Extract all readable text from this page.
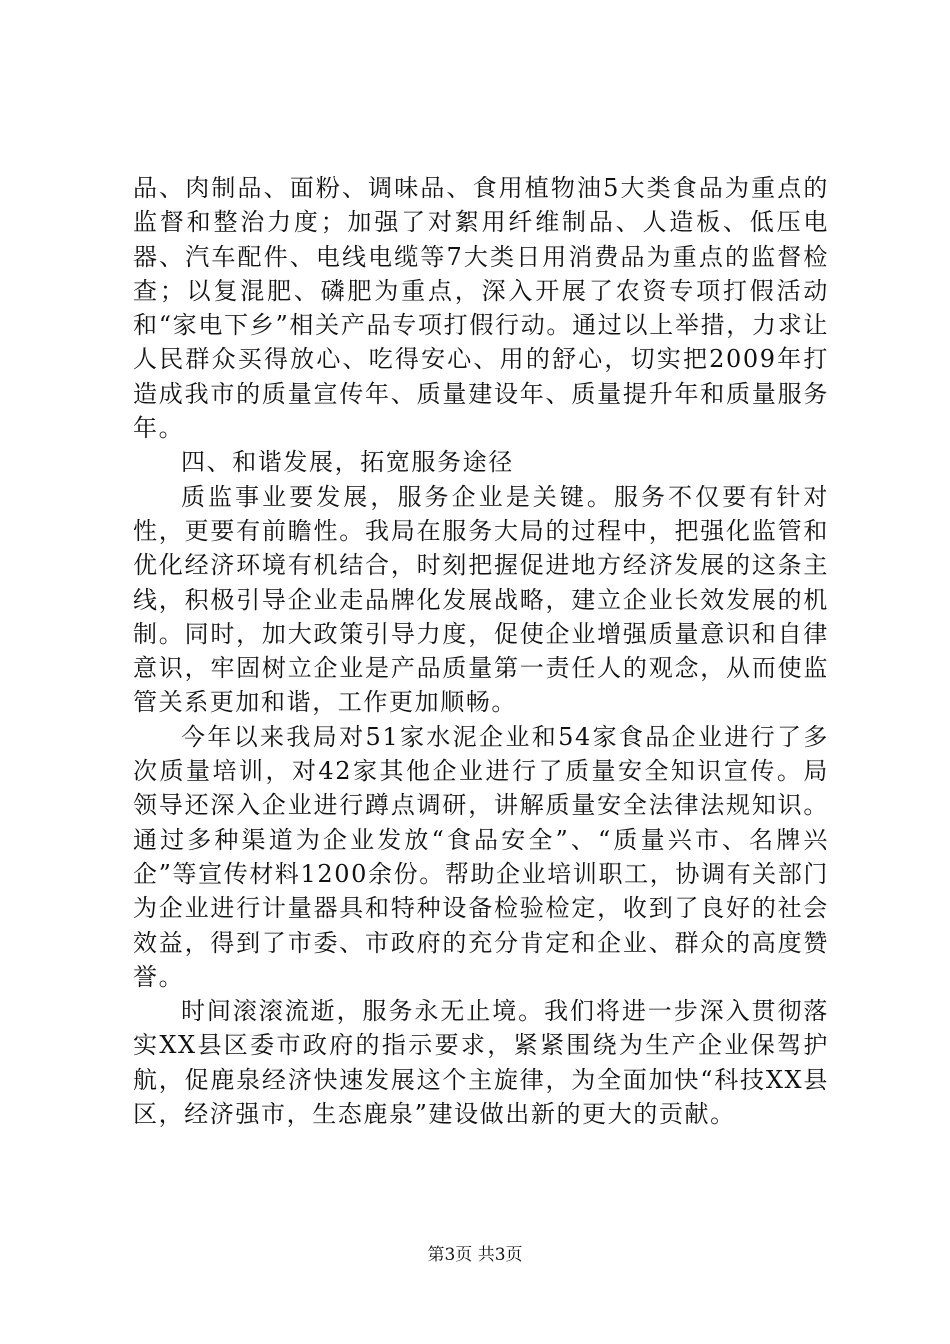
品、肉制品、面粉、调味品、食用植物油5大类食品为重点的监督和整治力度；加强了对絮用纤维制品、人造板、低压电器、汽车配件、电线电缆等7大类日用消费品为重点的监督检查；以复混肥、磷肥为重点，深入开展了农资专项打假活动和“家电下乡”相关产品专项打假行动。通过以上举措，力求让人民群众买得放心、吃得安心、用的舒心，切实把2009年打造成我市的质量宣传年、质量建设年、质量提升年和质量服务年。

四、和谐发展，拓宽服务途径

质监事业要发展，服务企业是关键。服务不仅要有针对性，更要有前瞻性。我局在服务大局的过程中，把强化监管和优化经济环境有机结合，时刻把握促进地方经济发展的这条主线，积极引导企业走品牌化发展战略，建立企业长效发展的机制。同时，加大政策引导力度，促使企业增强质量意识和自律意识，牢固树立企业是产品质量第一责任人的观念，从而使监管关系更加和谐，工作更加顺畅。

今年以来我局对51家水泥企业和54家食品企业进行了多次质量培训，对42家其他企业进行了质量安全知识宣传。局领导还深入企业进行蹲点调研，讲解质量安全法律法规知识。通过多种渠道为企业发放“食品安全”、“质量兴市、名牌兴企”等宣传材料1200余份。帮助企业培训职工，协调有关部门为企业进行计量器具和特种设备检验检定，收到了良好的社会效益，得到了市委、市政府的充分肯定和企业、群众的高度赞誉。

时间滚滚流逝，服务永无止境。我们将进一步深入贯彻落实XX县区委市政府的指示要求，紧紧围绕为生产企业保驾护航，促鹿泉经济快速发展这个主旋律，为全面加快“科技XX县区，经济强市，生态鹿泉”建设做出新的更大的贡献。

第3页 共3页
